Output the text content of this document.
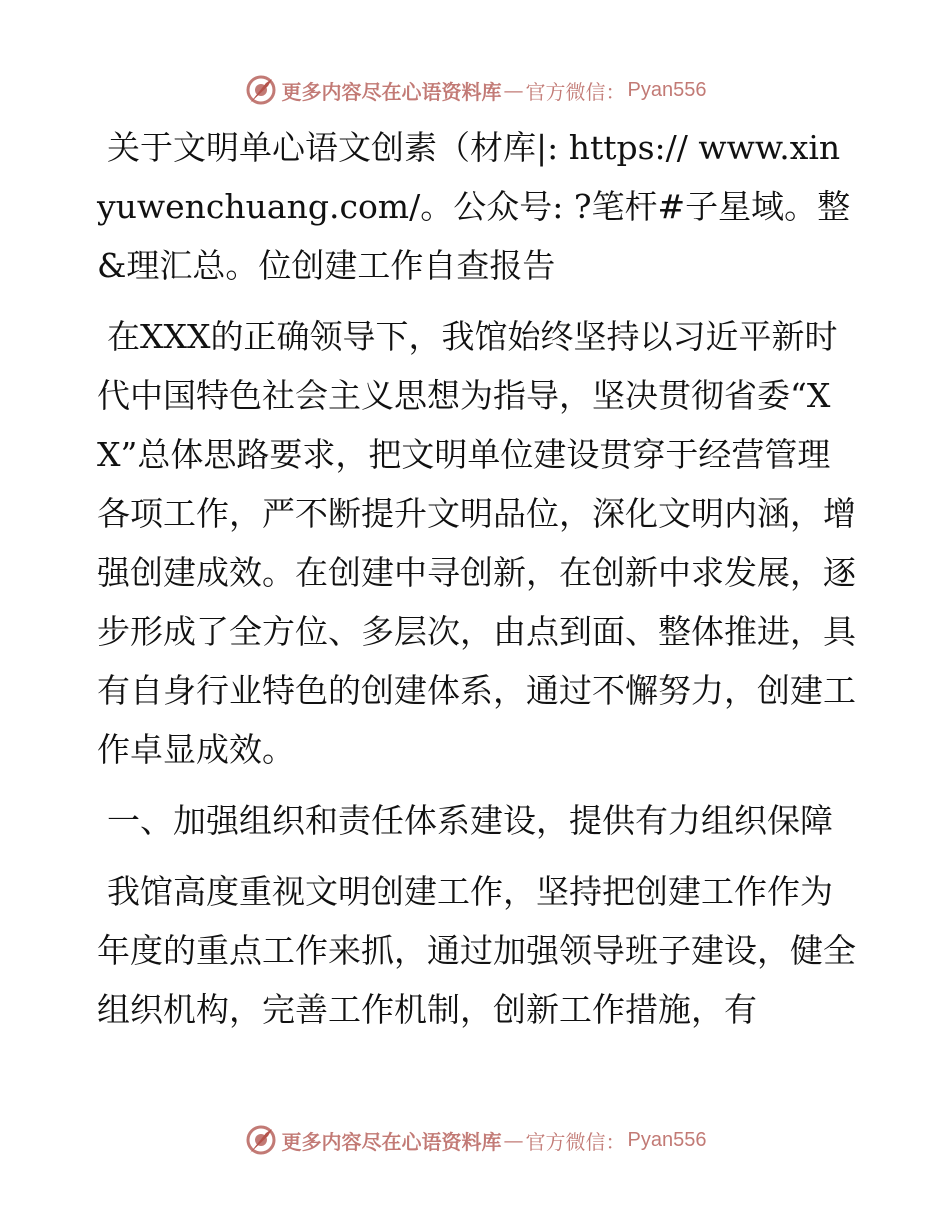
更多内容尽在心语资料库 — 官方微信： Pyan556

关于文明单心语文创素（材库|: https:// www.xinyuwenchuang.com/。公众号: ?笔杆#子星域。整&理汇总。位创建工作自查报告

在XXX的正确领导下，我馆始终坚持以习近平新时代中国特色社会主义思想为指导，坚决贯彻省委“XX”总体思路要求，把文明单位建设贯穿于经营管理各项工作，严不断提升文明品位，深化文明内涵，增强创建成效。在创建中寻创新，在创新中求发展，逐步形成了全方位、多层次，由点到面、整体推进，具有自身行业特色的创建体系，通过不懈努力，创建工作卓显成效。

一、加强组织和责任体系建设，提供有力组织保障

我馆高度重视文明创建工作，坚持把创建工作作为年度的重点工作来抓，通过加强领导班子建设，健全组织机构，完善工作机制，创新工作措施，有

更多内容尽在心语资料库 — 官方微信： Pyan556
